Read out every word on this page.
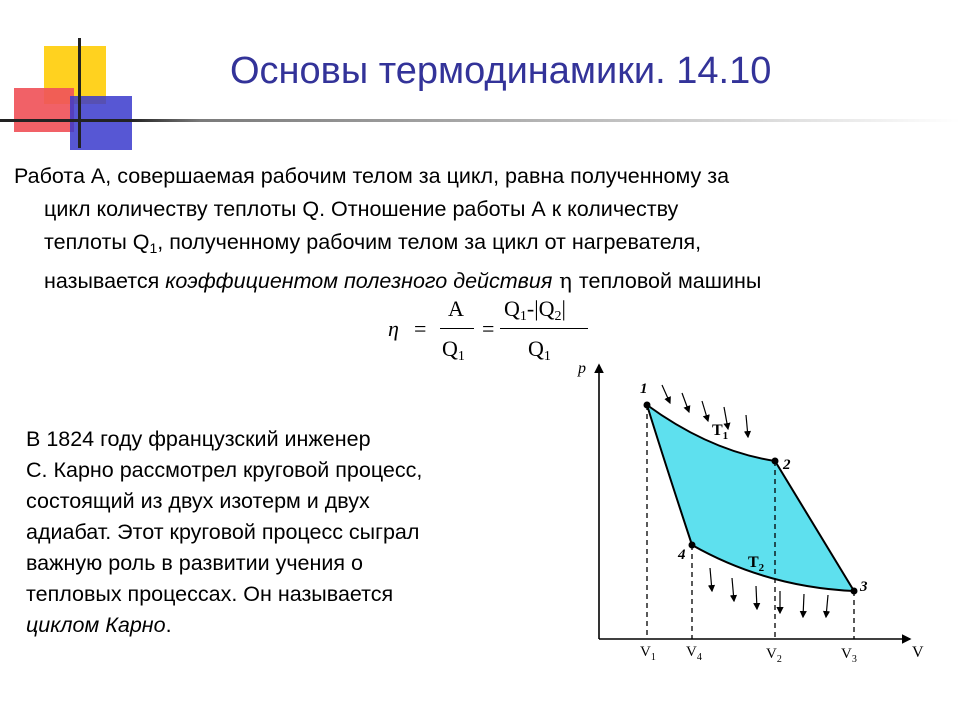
Основы термодинамики. 14.10
Работа А, совершаемая рабочим телом за цикл, равна полученному за
цикл количеству теплоты Q. Отношение работы А к количеству
теплоты $Q_1$, полученному рабочим телом за цикл от нагревателя,
называется коэффициентом полезного действия η тепловой машины
η =
A
$Q_1$
=
$Q_1-|Q_2|$
$Q_1$
В 1824 году французский инженер
С. Карно рассмотрел круговой процесс,
состоящий из двух изотерм и двух
адиабат. Этот круговой процесс сыграл
важную роль в развитии учения о
тепловых процессах. Он называется
циклом Карно.
p
V
1
2
3
4
$T_1$
$T_2$
$V_1$ $V_4$	$V_2$	$V_3$
